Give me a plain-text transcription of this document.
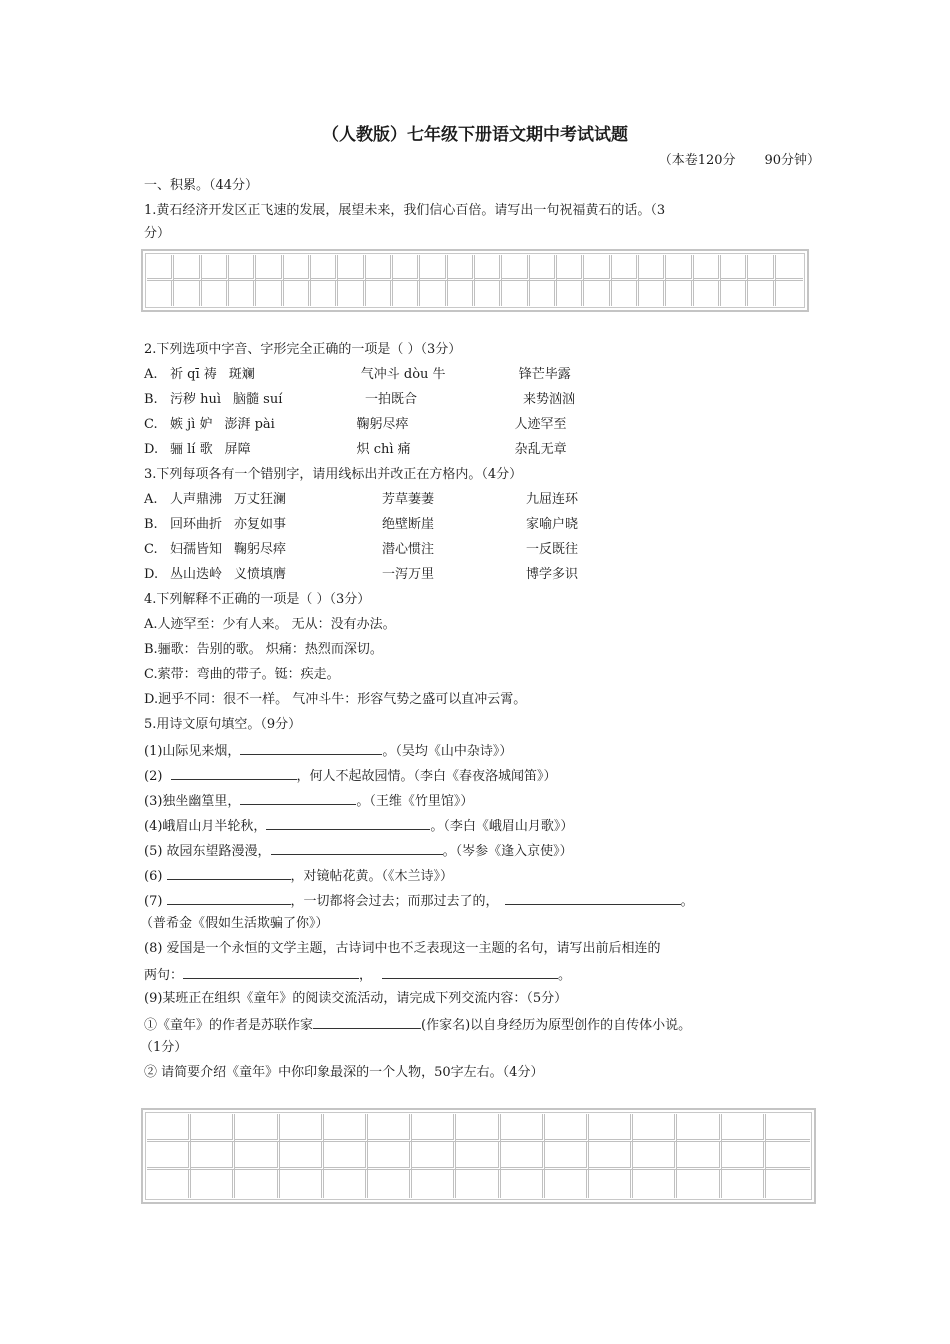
（人教版）七年级下册语文期中考试试题
（本卷120分       90分钟）
一、积累。（44分）
1.黄石经济开发区正飞速的发展，展望未来，我们信心百倍。请写出一句祝福黄石的话。（3
分）
2.下列选项中字音、字形完全正确的一项是（ ）（3分）
A. 祈 qī 祷 斑斓	气冲斗 dòu 牛	锋芒毕露
B. 污秽 huì 脑髓 suí	一拍既合	来势汹汹
C. 嫉 jì 妒 澎湃 pài	鞠躬尽瘁	人迹罕至
D. 骊 lí 歌 屏障	炽 chì 痛	杂乱无章
3.下列每项各有一个错别字，请用线标出并改正在方格内。（4分）
A. 人声鼎沸 万丈狂澜	芳草萋萋	九屈连环
B. 回环曲折 亦复如事	绝壁断崖	家喻户晓
C. 妇孺皆知 鞠躬尽瘁	潜心惯注	一反既往
D. 丛山迭岭 义愤填膺	一泻万里	博学多识
4.下列解释不正确的一项是（ ）（3分）
A.人迹罕至：少有人来。 无从：没有办法。
B.骊歌：告别的歌。 炽痛：热烈而深切。
C.萦带：弯曲的带子。铤：疾走。
D.迥乎不同：很不一样。 气冲斗牛：形容气势之盛可以直冲云霄。
5.用诗文原句填空。（9分）
(1)山际见来烟，	。（吴均《山中杂诗》）
(2)	，何人不起故园情。（李白《春夜洛城闻笛》）
(3)独坐幽篁里，	。（王维《竹里馆》）
(4)峨眉山月半轮秋，	。（李白《峨眉山月歌》）
(5) 故园东望路漫漫，	。（岑参《逢入京使》）
(6)	，对镜帖花黄。（《木兰诗》）
(7)	，一切都将会过去；而那过去了的，	。
（普希金《假如生活欺骗了你》）
(8) 爱国是一个永恒的文学主题，古诗词中也不乏表现这一主题的名句，请写出前后相连的
两句：	，	。
(9)某班正在组织《童年》的阅读交流活动，请完成下列交流内容：（5分）
①《童年》的作者是苏联作家	(作家名)以自身经历为原型创作的自传体小说。
（1分）
② 请简要介绍《童年》中你印象最深的一个人物，50字左右。（4分）
